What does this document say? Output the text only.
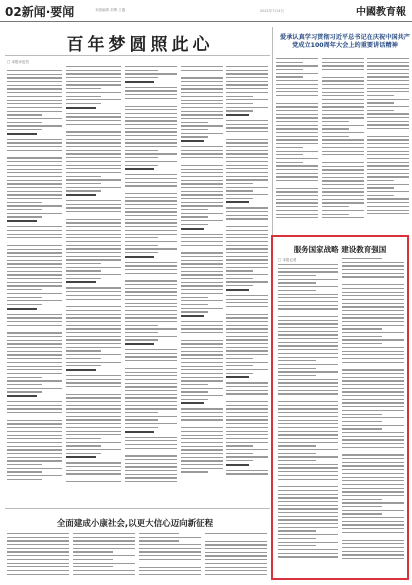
02新闻·要闻	本版编辑 刘博 王鑫	2021年7月4日	中國教育報
百年梦圆照此心	爱承认真学习贯彻习近平总书记在庆祝中国共产党成立100周年大会上的重要讲话精神
□ 本报评论员
服务国家战略 建设教育强国
□ 本报记者
全面建成小康社会,以更大信心迈向新征程
